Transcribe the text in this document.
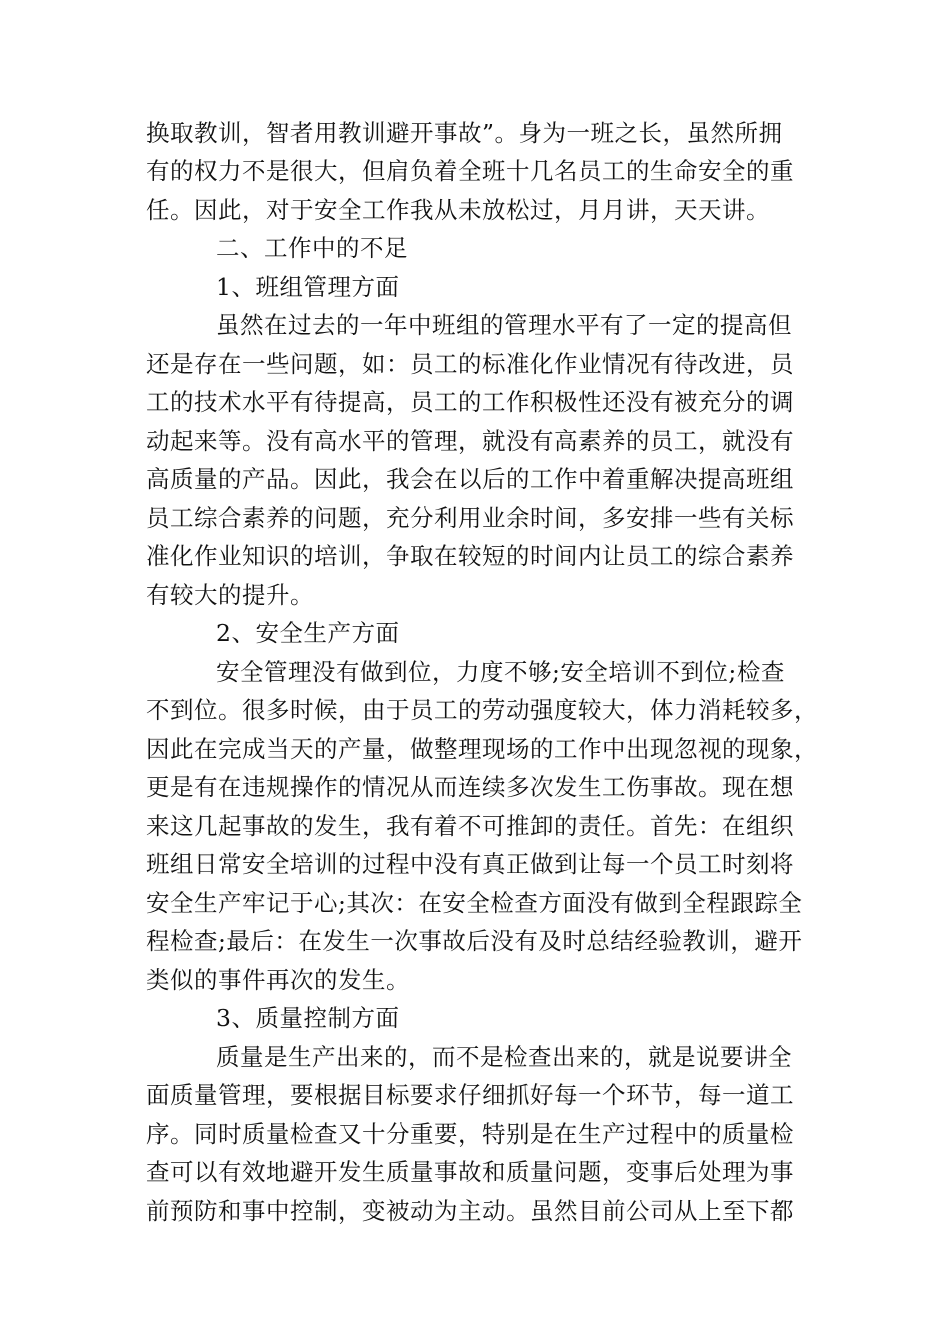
换取教训，智者用教训避开事故”。身为一班之长，虽然所拥

有的权力不是很大，但肩负着全班十几名员工的生命安全的重

任。因此，对于安全工作我从未放松过，月月讲，天天讲。

二、工作中的不足

1、班组管理方面

虽然在过去的一年中班组的管理水平有了一定的提高但

还是存在一些问题，如：员工的标准化作业情况有待改进，员

工的技术水平有待提高，员工的工作积极性还没有被充分的调

动起来等。没有高水平的管理，就没有高素养的员工，就没有

高质量的产品。因此，我会在以后的工作中着重解决提高班组

员工综合素养的问题，充分利用业余时间，多安排一些有关标

准化作业知识的培训，争取在较短的时间内让员工的综合素养

有较大的提升。

2、安全生产方面

安全管理没有做到位，力度不够;安全培训不到位;检查

不到位。很多时候，由于员工的劳动强度较大，体力消耗较多，

因此在完成当天的产量，做整理现场的工作中出现忽视的现象，

更是有在违规操作的情况从而连续多次发生工伤事故。现在想

来这几起事故的发生，我有着不可推卸的责任。首先：在组织

班组日常安全培训的过程中没有真正做到让每一个员工时刻将

安全生产牢记于心;其次：在安全检查方面没有做到全程跟踪全

程检查;最后：在发生一次事故后没有及时总结经验教训，避开

类似的事件再次的发生。

3、质量控制方面

质量是生产出来的，而不是检查出来的，就是说要讲全

面质量管理，要根据目标要求仔细抓好每一个环节，每一道工

序。同时质量检查又十分重要，特别是在生产过程中的质量检

查可以有效地避开发生质量事故和质量问题，变事后处理为事

前预防和事中控制，变被动为主动。虽然目前公司从上至下都
